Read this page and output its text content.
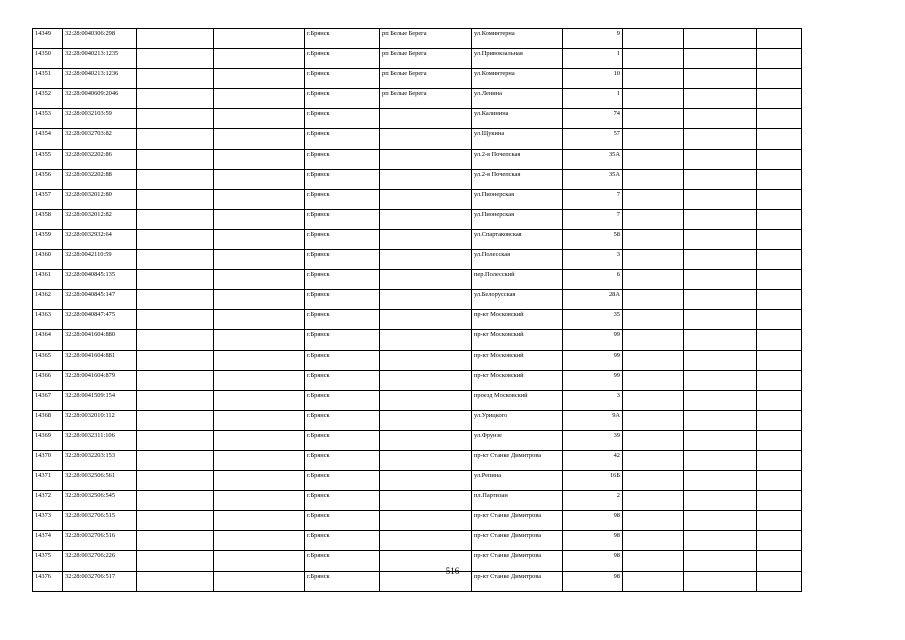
14349	32:28:0040306:298			г.Брянск	рп Белые Берега	ул.Коминтерна	9			
14350	32:28:0040213:1235			г.Брянск	рп Белые Берега	ул.Привокзальная	1			
14351	32:28:0040213:1236			г.Брянск	рп Белые Берега	ул.Коминтерна	10			
14352	32:28:0040609:2046			г.Брянск	рп Белые Берега	ул.Ленина	1			
14353	32:28:0032103:59			г.Брянск		ул.Калинина	74			
14354	32:28:0032703:82			г.Брянск		ул.Щукина	57			
14355	32:28:0032202:86			г.Брянск		ул.2-я Почепская	35А			
14356	32:28:0032202:88			г.Брянск		ул.2-я Почепская	35А			
14357	32:28:0032012:80			г.Брянск		ул.Пионерская	7			
14358	32:28:0032012:82			г.Брянск		ул.Пионерская	7			
14359	32:28:0032932:64			г.Брянск		ул.Спартаковская	58			
14360	32:28:0042110:59			г.Брянск		ул.Полесская	3			
14361	32:28:0040845:135			г.Брянск		пер.Полесский	6			
14362	32:28:0040845:147			г.Брянск		ул.Белорусская	28А			
14363	32:28:0040847:475			г.Брянск		пр-кт Московский	35			
14364	32:28:0041604:880			г.Брянск		пр-кт Московский	99			
14365	32:28:0041604:881			г.Брянск		пр-кт Московский	99			
14366	32:28:0041604:879			г.Брянск		пр-кт Московский	99			
14367	32:28:0041509:154			г.Брянск		проезд Московский	3			
14368	32:28:0032010:112			г.Брянск		ул.Урицкого	9А			
14369	32:28:0032311:106			г.Брянск		ул.Фрунзе	39			
14370	32:28:0032203:153			г.Брянск		пр-кт Станке Димитрова	42			
14371	32:28:0032506:561			г.Брянск		ул.Репина	16Б			
14372	32:28:0032506:545			г.Брянск		пл.Партизан	2			
14373	32:28:0032706:515			г.Брянск		пр-кт Станке Димитрова	98			
14374	32:28:0032706:516			г.Брянск		пр-кт Станке Димитрова	98			
14375	32:28:0032706:226			г.Брянск		пр-кт Станке Димитрова	98			
14376	32:28:0032706:517			г.Брянск		пр-кт Станке Димитрова	98			
516
